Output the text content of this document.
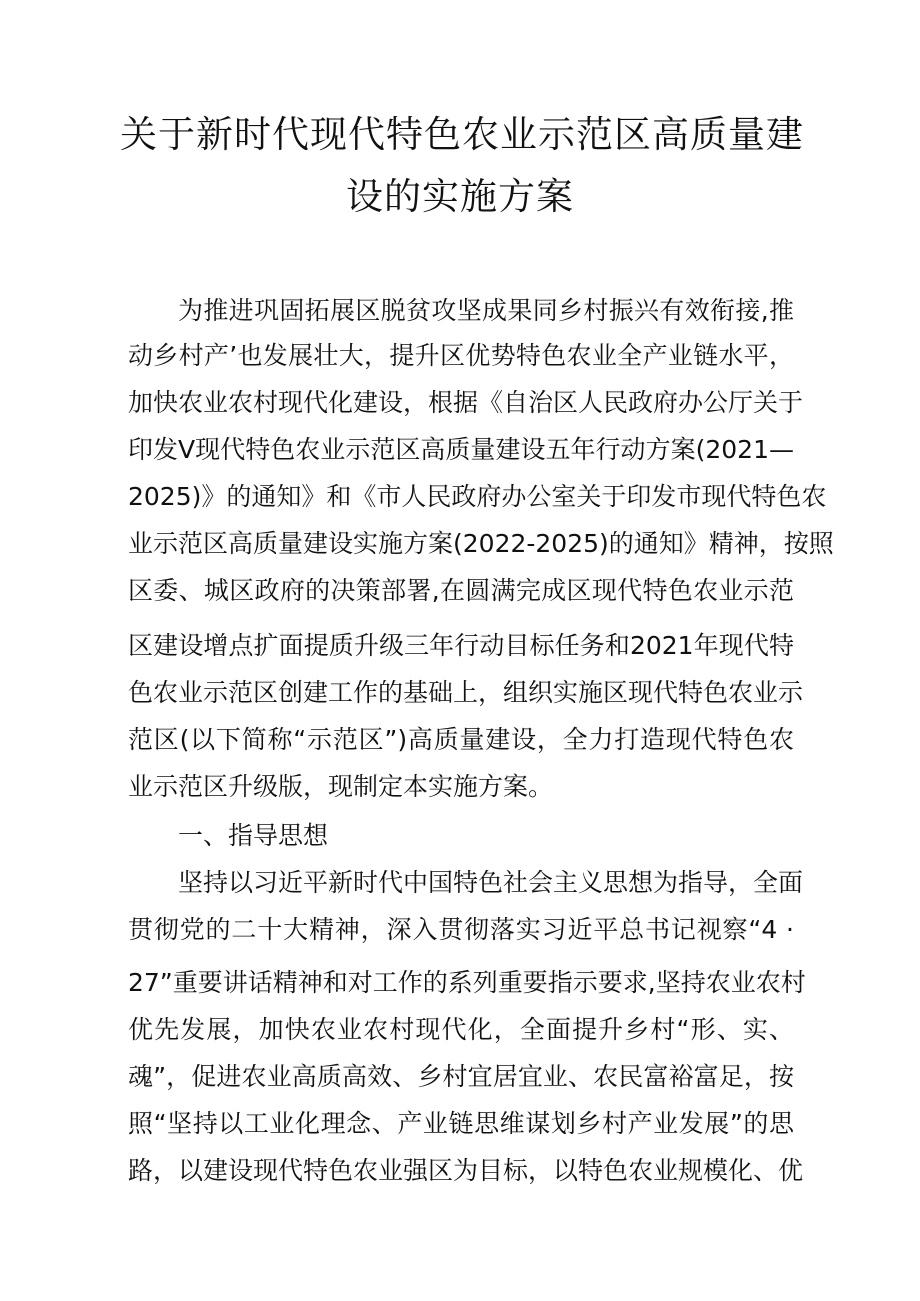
关于新时代现代特色农业示范区高质量建
设的实施方案
为推进巩固拓展区脱贫攻坚成果同乡村振兴有效衔接,推
动乡村产’也发展壮大，提升区优势特色农业全产业链水平，
加快农业农村现代化建设，根据《自治区人民政府办公厅关于
印发V现代特色农业示范区高质量建设五年行动方案(2021—
2025)》的通知》和《市人民政府办公室关于印发市现代特色农
业示范区高质量建设实施方案(2022-2025)的通知》精神，按照
区委、城区政府的决策部署,在圆满完成区现代特色农业示范
区建设增点扩面提质升级三年行动目标任务和2021年现代特
色农业示范区创建工作的基础上，组织实施区现代特色农业示
范区(以下简称“示范区”)高质量建设，全力打造现代特色农
业示范区升级版，现制定本实施方案。
一、指导思想
坚持以习近平新时代中国特色社会主义思想为指导，全面
贯彻党的二十大精神，深入贯彻落实习近平总书记视察“4 ·
27”重要讲话精神和对工作的系列重要指示要求,坚持农业农村
优先发展，加快农业农村现代化，全面提升乡村“形、实、
魂”，促进农业高质高效、乡村宜居宜业、农民富裕富足，按
照“坚持以工业化理念、产业链思维谋划乡村产业发展”的思
路，以建设现代特色农业强区为目标，以特色农业规模化、优
